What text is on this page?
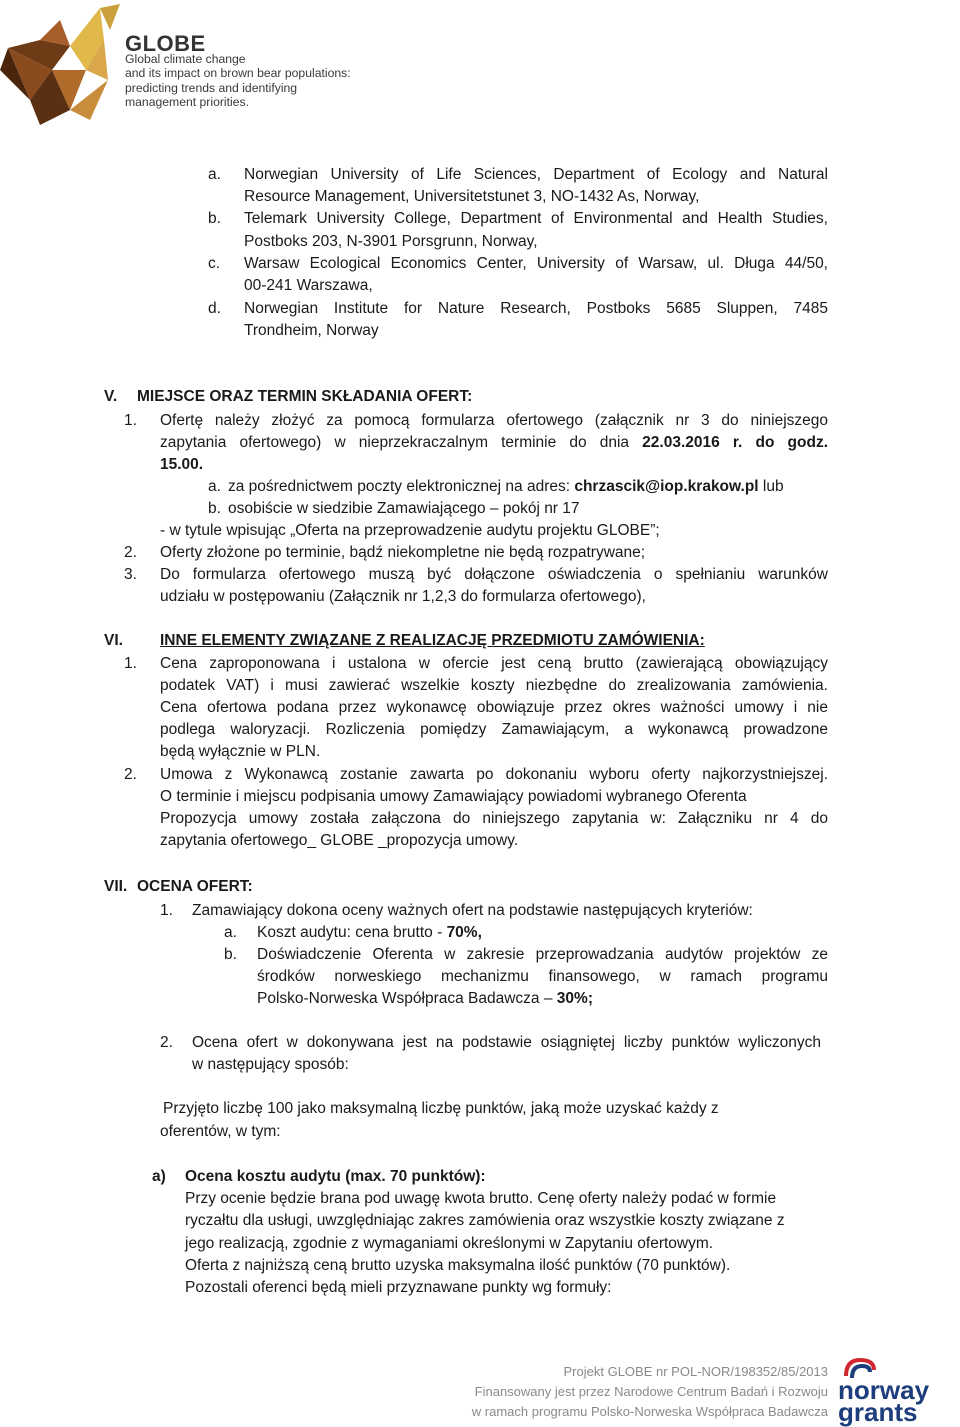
GLOBE
Global climate change
and its impact on brown bear populations:
predicting trends and identifying
management priorities.
a. Norwegian University of Life Sciences, Department of Ecology and Natural
Resource Management, Universitetstunet 3, NO-1432 As, Norway,
b. Telemark University College, Department of Environmental and Health Studies,
Postboks 203, N-3901 Porsgrunn, Norway,
c. Warsaw Ecological Economics Center, University of Warsaw, ul. Długa 44/50,
00-241 Warszawa,
d. Norwegian Institute for Nature Research, Postboks 5685 Sluppen, 7485
Trondheim, Norway
V. MIEJSCE ORAZ TERMIN SKŁADANIA OFERT:
1. Ofertę należy złożyć za pomocą formularza ofertowego (załącznik nr 3 do niniejszego
zapytania ofertowego) w nieprzekraczalnym terminie do dnia 22.03.2016 r. do godz.
15.00.
a. za pośrednictwem poczty elektronicznej na adres: chrzascik@iop.krakow.pl lub
b. osobiście w siedzibie Zamawiającego – pokój nr 17
- w tytule wpisując „Oferta na przeprowadzenie audytu projektu GLOBE”;
2. Oferty złożone po terminie, bądź niekompletne nie będą rozpatrywane;
3. Do formularza ofertowego muszą być dołączone oświadczenia o spełnianiu warunków
udziału w postępowaniu (Załącznik nr 1,2,3 do formularza ofertowego),
VI. INNE ELEMENTY ZWIĄZANE Z REALIZACJĘ PRZEDMIOTU ZAMÓWIENIA:
1. Cena zaproponowana i ustalona w ofercie jest ceną brutto (zawierającą obowiązujący
podatek VAT) i musi zawierać wszelkie koszty niezbędne do zrealizowania zamówienia.
Cena ofertowa podana przez wykonawcę obowiązuje przez okres ważności umowy i nie
podlega waloryzacji. Rozliczenia pomiędzy Zamawiającym, a wykonawcą prowadzone
będą wyłącznie w PLN.
2. Umowa z Wykonawcą zostanie zawarta po dokonaniu wyboru oferty najkorzystniejszej.
O terminie i miejscu podpisania umowy Zamawiający powiadomi wybranego Oferenta
Propozycja umowy została załączona do niniejszego zapytania w: Załączniku nr 4 do
zapytania ofertowego_ GLOBE _propozycja umowy.
VII. OCENA OFERT:
1. Zamawiający dokona oceny ważnych ofert na podstawie następujących kryteriów:
a. Koszt audytu: cena brutto - 70%,
b. Doświadczenie Oferenta w zakresie przeprowadzania audytów projektów ze
środków norweskiego mechanizmu finansowego, w ramach programu
Polsko-Norweska Współpraca Badawcza – 30%;
2. Ocena ofert w dokonywana jest na podstawie osiągniętej liczby punktów wyliczonych
w następujący sposób:
Przyjęto liczbę 100 jako maksymalną liczbę punktów, jaką może uzyskać każdy z
oferentów, w tym:
a) Ocena kosztu audytu (max. 70 punktów):
Przy ocenie będzie brana pod uwagę kwota brutto. Cenę oferty należy podać w formie
ryczałtu dla usługi, uwzględniając zakres zamówienia oraz wszystkie koszty związane z
jego realizacją, zgodnie z wymaganiami określonymi w Zapytaniu ofertowym.
Oferta z najniższą ceną brutto uzyska maksymalna ilość punktów (70 punktów).
Pozostali oferenci będą mieli przyznawane punkty wg formuły:
Projekt GLOBE nr POL-NOR/198352/85/2013
Finansowany jest przez Narodowe Centrum Badań i Rozwoju
w ramach programu Polsko-Norweska Współpraca Badawcza
norway
grants
